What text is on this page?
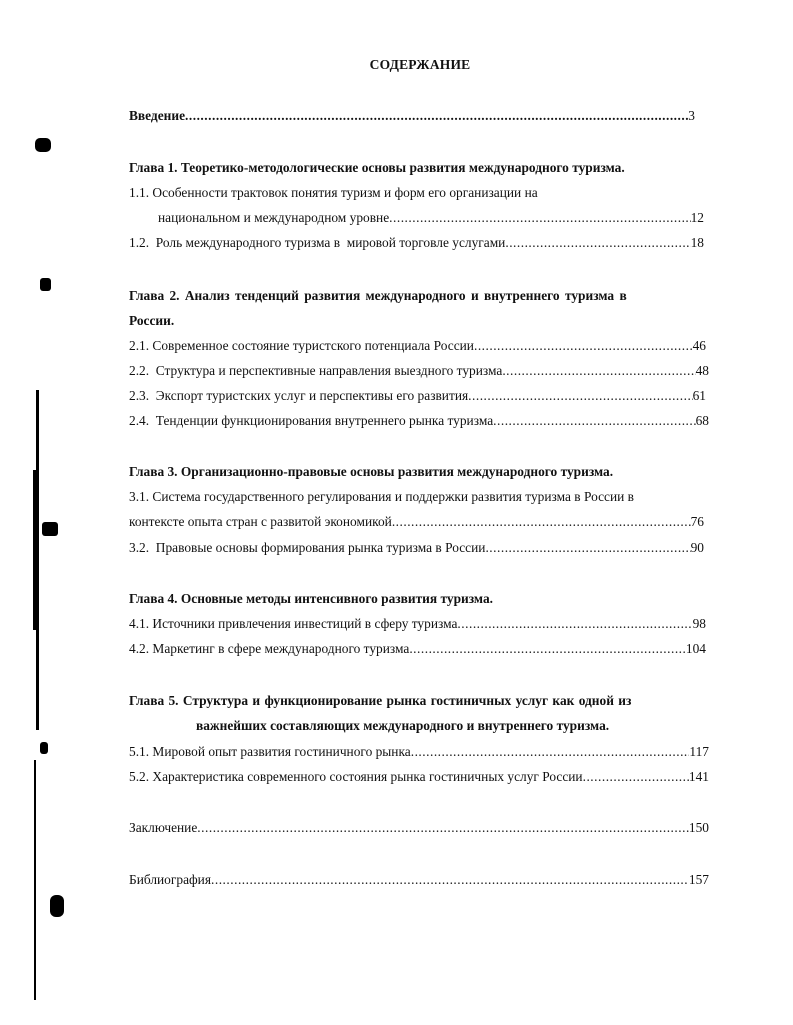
СОДЕРЖАНИЕ
Введение .....	3
Глава 1. Теоретико-методологические основы развития международного туризма.
1.1. Особенности трактовок понятия туризм и форм его организации на
национальном и международном уровне .....	12
1.2.  Роль международного туризма в  мировой торговле услугами .....	18
Глава 2. Анализ тенденций развития международного и внутреннего туризма в
России.
2.1. Современное состояние туристского потенциала России .....	46
2.2.  Структура и перспективные направления выездного туризма .....	48
2.3.  Экспорт туристских услуг и перспективы его развития .....	61
2.4.  Тенденции функционирования внутреннего рынка туризма .....	68
Глава 3. Организационно-правовые основы развития международного туризма.
3.1. Система государственного регулирования и поддержки развития туризма в России в
контексте опыта стран с развитой экономикой .....	76
3.2.  Правовые основы формирования рынка туризма в России .....	90
Глава 4. Основные методы интенсивного развития туризма.
4.1. Источники привлечения инвестиций в сферу туризма .....	98
4.2. Маркетинг в сфере международного туризма .....	104
Глава 5. Структура и функционирование рынка гостиничных услуг как одной из
важнейших составляющих международного и внутреннего туризма.
5.1. Мировой опыт развития гостиничного рынка .....	117
5.2. Характеристика современного состояния рынка гостиничных услуг России .....	141
Заключение .....	150
Библиография .....	157
